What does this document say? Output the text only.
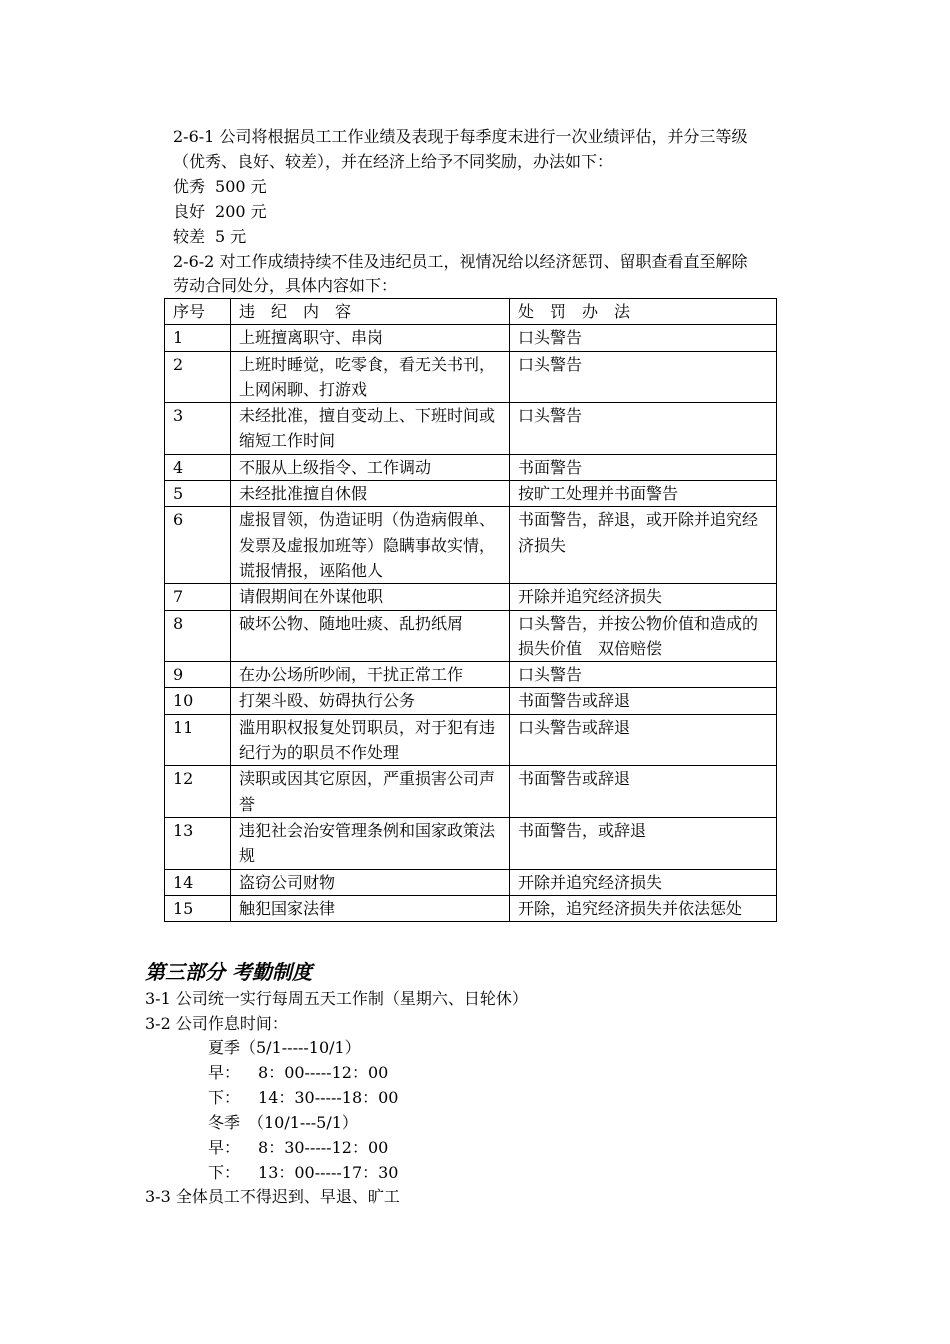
2-6-1 公司将根据员工工作业绩及表现于每季度末进行一次业绩评估，并分三等级
（优秀、良好、较差），并在经济上给予不同奖励，办法如下：
优秀 500 元
良好 200 元
较差 5 元
2-6-2 对工作成绩持续不佳及违纪员工，视情况给以经济惩罚、留职查看直至解除
劳动合同处分，具体内容如下：
序号	违　纪　内　容	处　罚　办　法
1	上班擅离职守、串岗	口头警告
2	上班时睡觉，吃零食，看无关书刊，上网闲聊、打游戏	口头警告
3	未经批准，擅自变动上、下班时间或缩短工作时间	口头警告
4	不服从上级指令、工作调动	书面警告
5	未经批准擅自休假	按旷工处理并书面警告
6	虚报冒领，伪造证明（伪造病假单、发票及虚报加班等）隐瞒事故实情，谎报情报，诬陷他人	书面警告，辞退，或开除并追究经济损失
7	请假期间在外谋他职	开除并追究经济损失
8	破坏公物、随地吐痰、乱扔纸屑	口头警告，并按公物价值和造成的损失价值　双倍赔偿
9	在办公场所吵闹，干扰正常工作	口头警告
10	打架斗殴、妨碍执行公务	书面警告或辞退
11	滥用职权报复处罚职员，对于犯有违纪行为的职员不作处理	口头警告或辞退
12	渎职或因其它原因，严重损害公司声誉	书面警告或辞退
13	违犯社会治安管理条例和国家政策法规	书面警告，或辞退
14	盗窃公司财物	开除并追究经济损失
15	触犯国家法律	开除，追究经济损失并依法惩处
第三部分 考勤制度
3-1 公司统一实行每周五天工作制（星期六、日轮休）
3-2 公司作息时间：
夏季（5/1-----10/1）
早： 8：00-----12：00
下： 14：30-----18：00
冬季　（10/1---5/1）
早： 8：30-----12：00
下： 13：00-----17：30
3-3 全体员工不得迟到、早退、旷工
